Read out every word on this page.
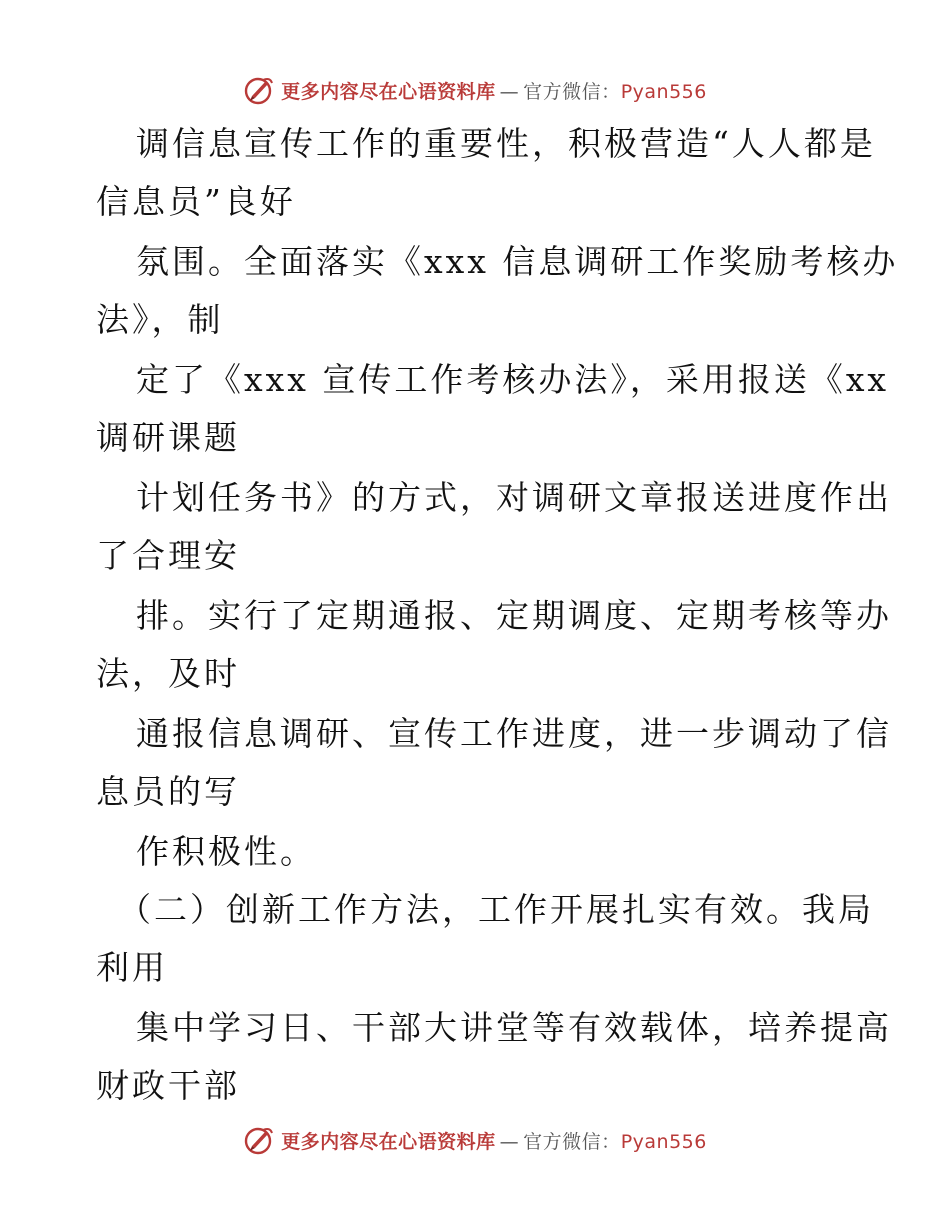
更多内容尽在心语资料库 — 官方微信：Pyan556

调信息宣传工作的重要性，积极营造“人人都是

信息员”良好

氛围。全面落实《xxx 信息调研工作奖励考核办

法》，制

定了《xxx 宣传工作考核办法》，采用报送《xx

调研课题

计划任务书》的方式，对调研文章报送进度作出

了合理安

排。实行了定期通报、定期调度、定期考核等办

法，及时

通报信息调研、宣传工作进度，进一步调动了信

息员的写

作积极性。

（二）创新工作方法，工作开展扎实有效。我局

利用

集中学习日、干部大讲堂等有效载体，培养提高

财政干部

更多内容尽在心语资料库 — 官方微信：Pyan556
